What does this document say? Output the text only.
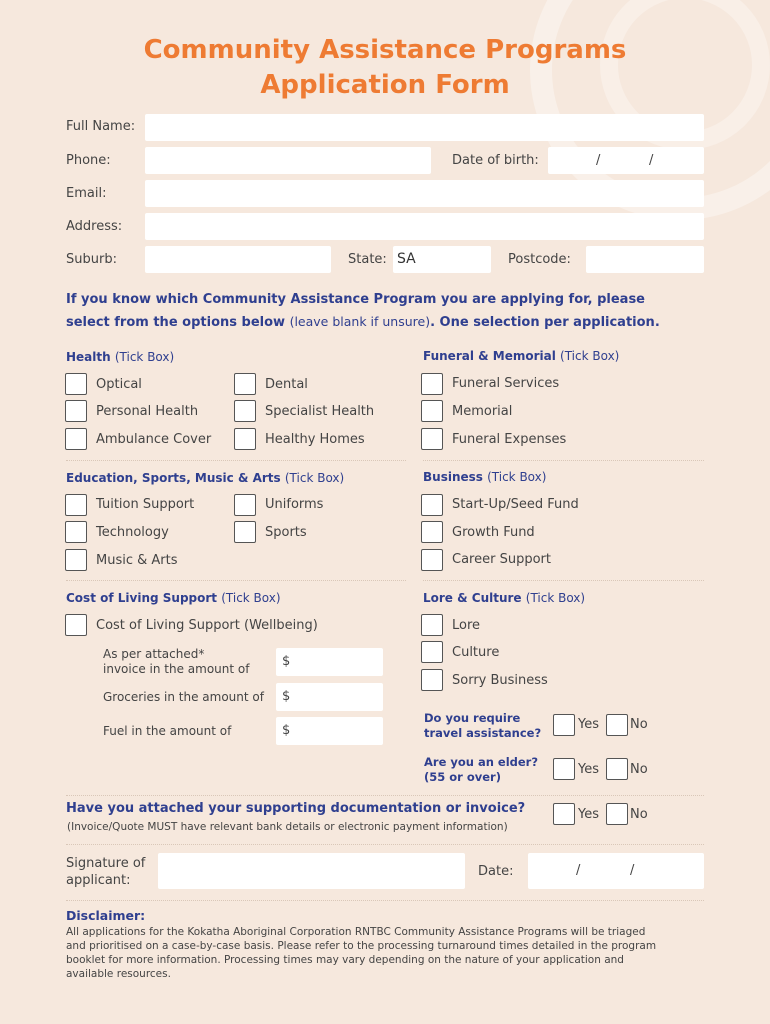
Community Assistance Programs
Application Form
Full Name:
Phone:	Date of birth:	/	/
Email:
Address:
Suburb:	State: SA	Postcode:
If you know which Community Assistance Program you are applying for, please
select from the options below (leave blank if unsure). One selection per application.
Health (Tick Box)
Optical	Dental
Personal Health	Specialist Health
Ambulance Cover	Healthy Homes
Funeral & Memorial (Tick Box)
Funeral Services
Memorial
Funeral Expenses
Education, Sports, Music & Arts (Tick Box)
Tuition Support	Uniforms
Technology	Sports
Music & Arts
Business (Tick Box)
Start-Up/Seed Fund
Growth Fund
Career Support
Cost of Living Support (Tick Box)
Cost of Living Support (Wellbeing)
As per attached*
invoice in the amount of	$
Groceries in the amount of $
Fuel in the amount of	$
Lore & Culture (Tick Box)
Lore
Culture
Sorry Business
Do you require
travel assistance?
Yes No
Are you an elder?
(55 or over)	Yes No
Have you attached your supporting documentation or invoice?
(Invoice/Quote MUST have relevant bank details or electronic payment information)
Yes No
Signature of
applicant:
Date:	/	/
Disclaimer:
All applications for the Kokatha Aboriginal Corporation RNTBC Community Assistance Programs will be triaged
and prioritised on a case-by-case basis. Please refer to the processing turnaround times detailed in the program
booklet for more information. Processing times may vary depending on the nature of your application and
available resources.
